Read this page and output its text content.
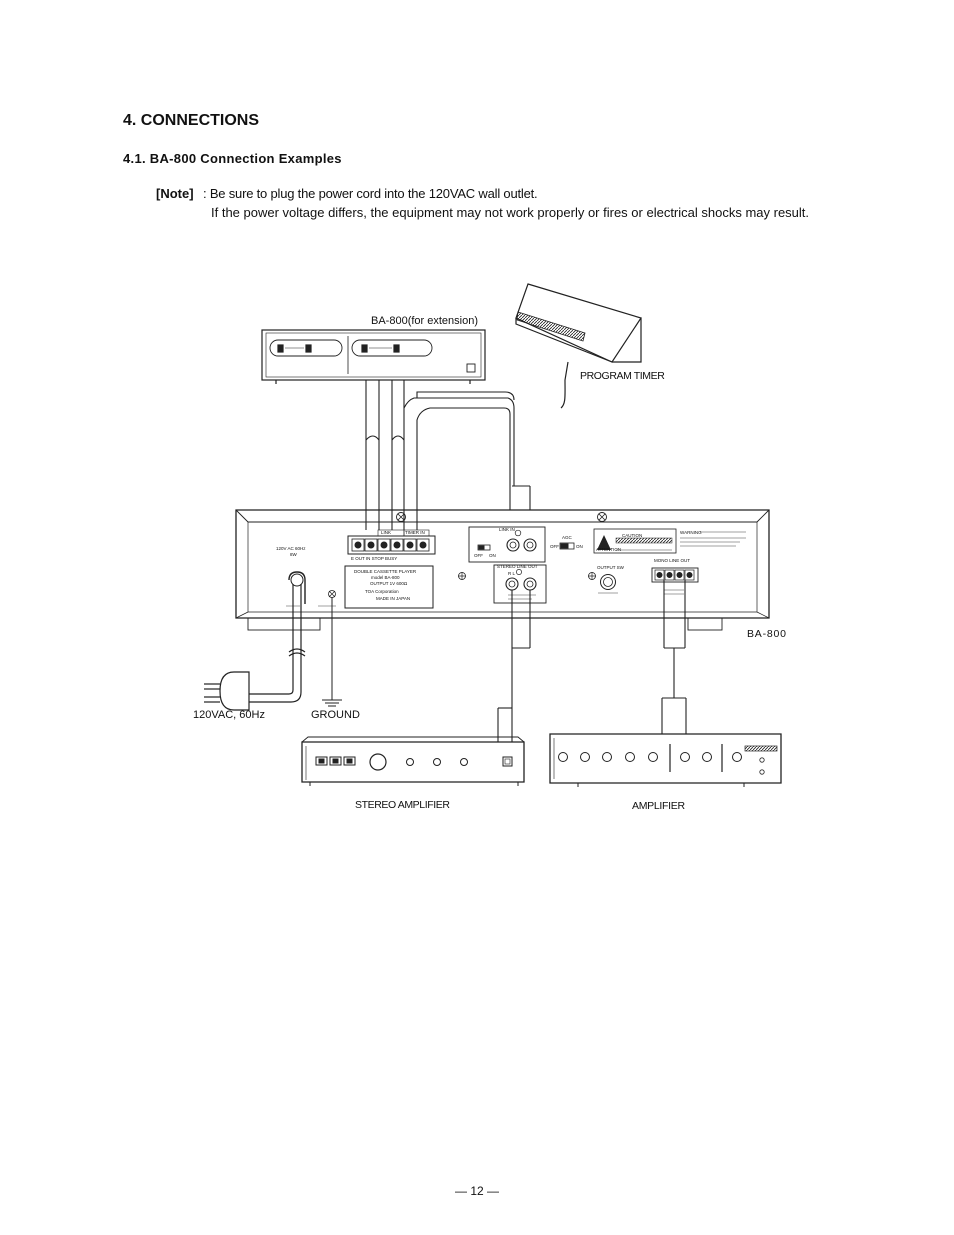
4. CONNECTIONS
4.1. BA-800 Connection Examples
[Note] : Be sure to plug the power cord into the 120VAC wall outlet.
If the power voltage differs, the equipment may not work properly or fires or electrical shocks may result.
BA-800(for extension)
PROGRAM TIMER
120V AC 60Hz
8W
LINK	TIMER IN
E OUT IN STOP BUSY
DOUBLE CASSETTE PLAYER
model BA-800
OUTPUT 1V 600Ω
TOA Corporation
MADE IN JAPAN
LINK IN
OFF ON
AGC
OFF	ON
CAUTION
ATTENTION
WARNING
STEREO LINE OUT
R L
OUTPUT SW
MONO LINE OUT
BA-800
120VAC, 60Hz	GROUND
STEREO AMPLIFIER	AMPLIFIER
— 12 —
